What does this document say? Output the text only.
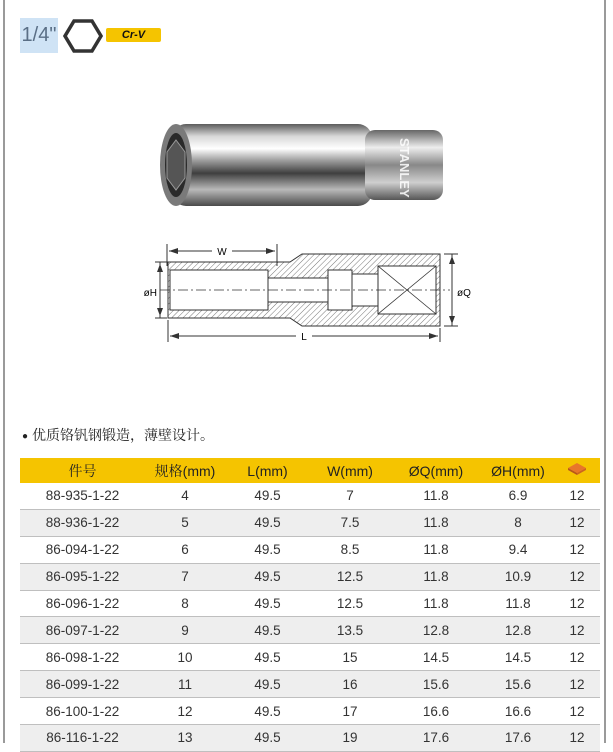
1/4"	Cr-V
STANLEY
W
øH	øQ
L
● 优质铬钒钢锻造，薄壁设计。
件号	规格(mm)	L(mm)	W(mm)	ØQ(mm)	ØH(mm)	
88-935-1-22	4	49.5	7	11.8	6.9	12
88-936-1-22	5	49.5	7.5	11.8	8	12
86-094-1-22	6	49.5	8.5	11.8	9.4	12
86-095-1-22	7	49.5	12.5	11.8	10.9	12
86-096-1-22	8	49.5	12.5	11.8	11.8	12
86-097-1-22	9	49.5	13.5	12.8	12.8	12
86-098-1-22	10	49.5	15	14.5	14.5	12
86-099-1-22	11	49.5	16	15.6	15.6	12
86-100-1-22	12	49.5	17	16.6	16.6	12
86-116-1-22	13	49.5	19	17.6	17.6	12
